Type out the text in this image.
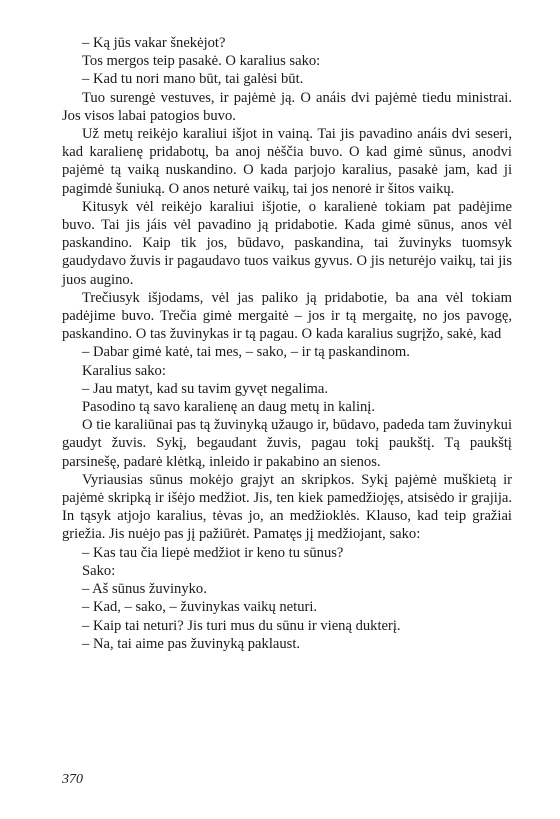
– Ką jūs vakar šnekėjot?

Tos mergos teip pasakė. O karalius sako:

– Kad tu nori mano būt, tai galėsi būt.

Tuo surengė vestuves, ir pajėmė ją. O anáis dvi pajėmė tiedu ministrai. Jos visos labai patogios buvo.

Už metų reikėjo karaliui išjot in vainą. Tai jis pavadino anáis dvi seseri, kad karalienę pridabotų, ba anoj nėščia buvo. O kad gimė sūnus, anodvi pajėmė tą vaiką nuskandino. O kada parjojo karalius, pasakė jam, kad ji pagimdė šuniuką. O anos neturė vaikų, tai jos nenorė ir šitos vaikų.

Kitusyk vėl reikėjo karaliui išjotie, o karalienė tokiam pat padėjime buvo. Tai jis jáis vėl pavadino ją pridabotie. Kada gimė sūnus, anos vėl paskandino. Kaip tik jos, būdavo, paskandina, tai žuvinyks tuomsyk gaudydavo žuvis ir pagaudavo tuos vaikus gyvus. O jis neturėjo vaikų, tai jis juos augino.

Trečiusyk išjodams, vėl jas paliko ją pridabotie, ba ana vėl tokiam padėjime buvo. Trečia gimė mergaitė – jos ir tą mergaitę, no jos pavogę, paskandino. O tas žuvinykas ir tą pagau. O kada karalius sugrįžo, sakė, kad

– Dabar gimė katė, tai mes, – sako, – ir tą paskandinom.

Karalius sako:

– Jau matyt, kad su tavim gyvęt negalima.

Pasodino tą savo karalienę an daug metų in kalinį.

O tie karaliūnai pas tą žuvinyką užaugo ir, būdavo, padeda tam žuvinykui gaudyt žuvis. Sykį, begaudant žuvis, pagau tokį paukštį. Tą paukštį parsinešę, padarė klėtką, inleido ir pakabino an sienos.

Vyriausias sūnus mokėjo grajyt an skripkos. Sykį pajėmė muškietą ir pajėmė skripką ir išėjo medžiot. Jis, ten kiek pamedžiojęs, atsisėdo ir grajija. In tąsyk atjojo karalius, tėvas jo, an medžioklės. Klauso, kad teip gražiai griežia. Jis nuėjo pas jį pažiūrėt. Pamatęs jį medžiojant, sako:

– Kas tau čia liepė medžiot ir keno tu sūnus?

Sako:

– Aš sūnus žuvinyko.

– Kad, – sako, – žuvinykas vaikų neturi.

– Kaip tai neturi? Jis turi mus du sūnu ir vieną dukterį.

– Na, tai aime pas žuvinyką paklaust.

370
